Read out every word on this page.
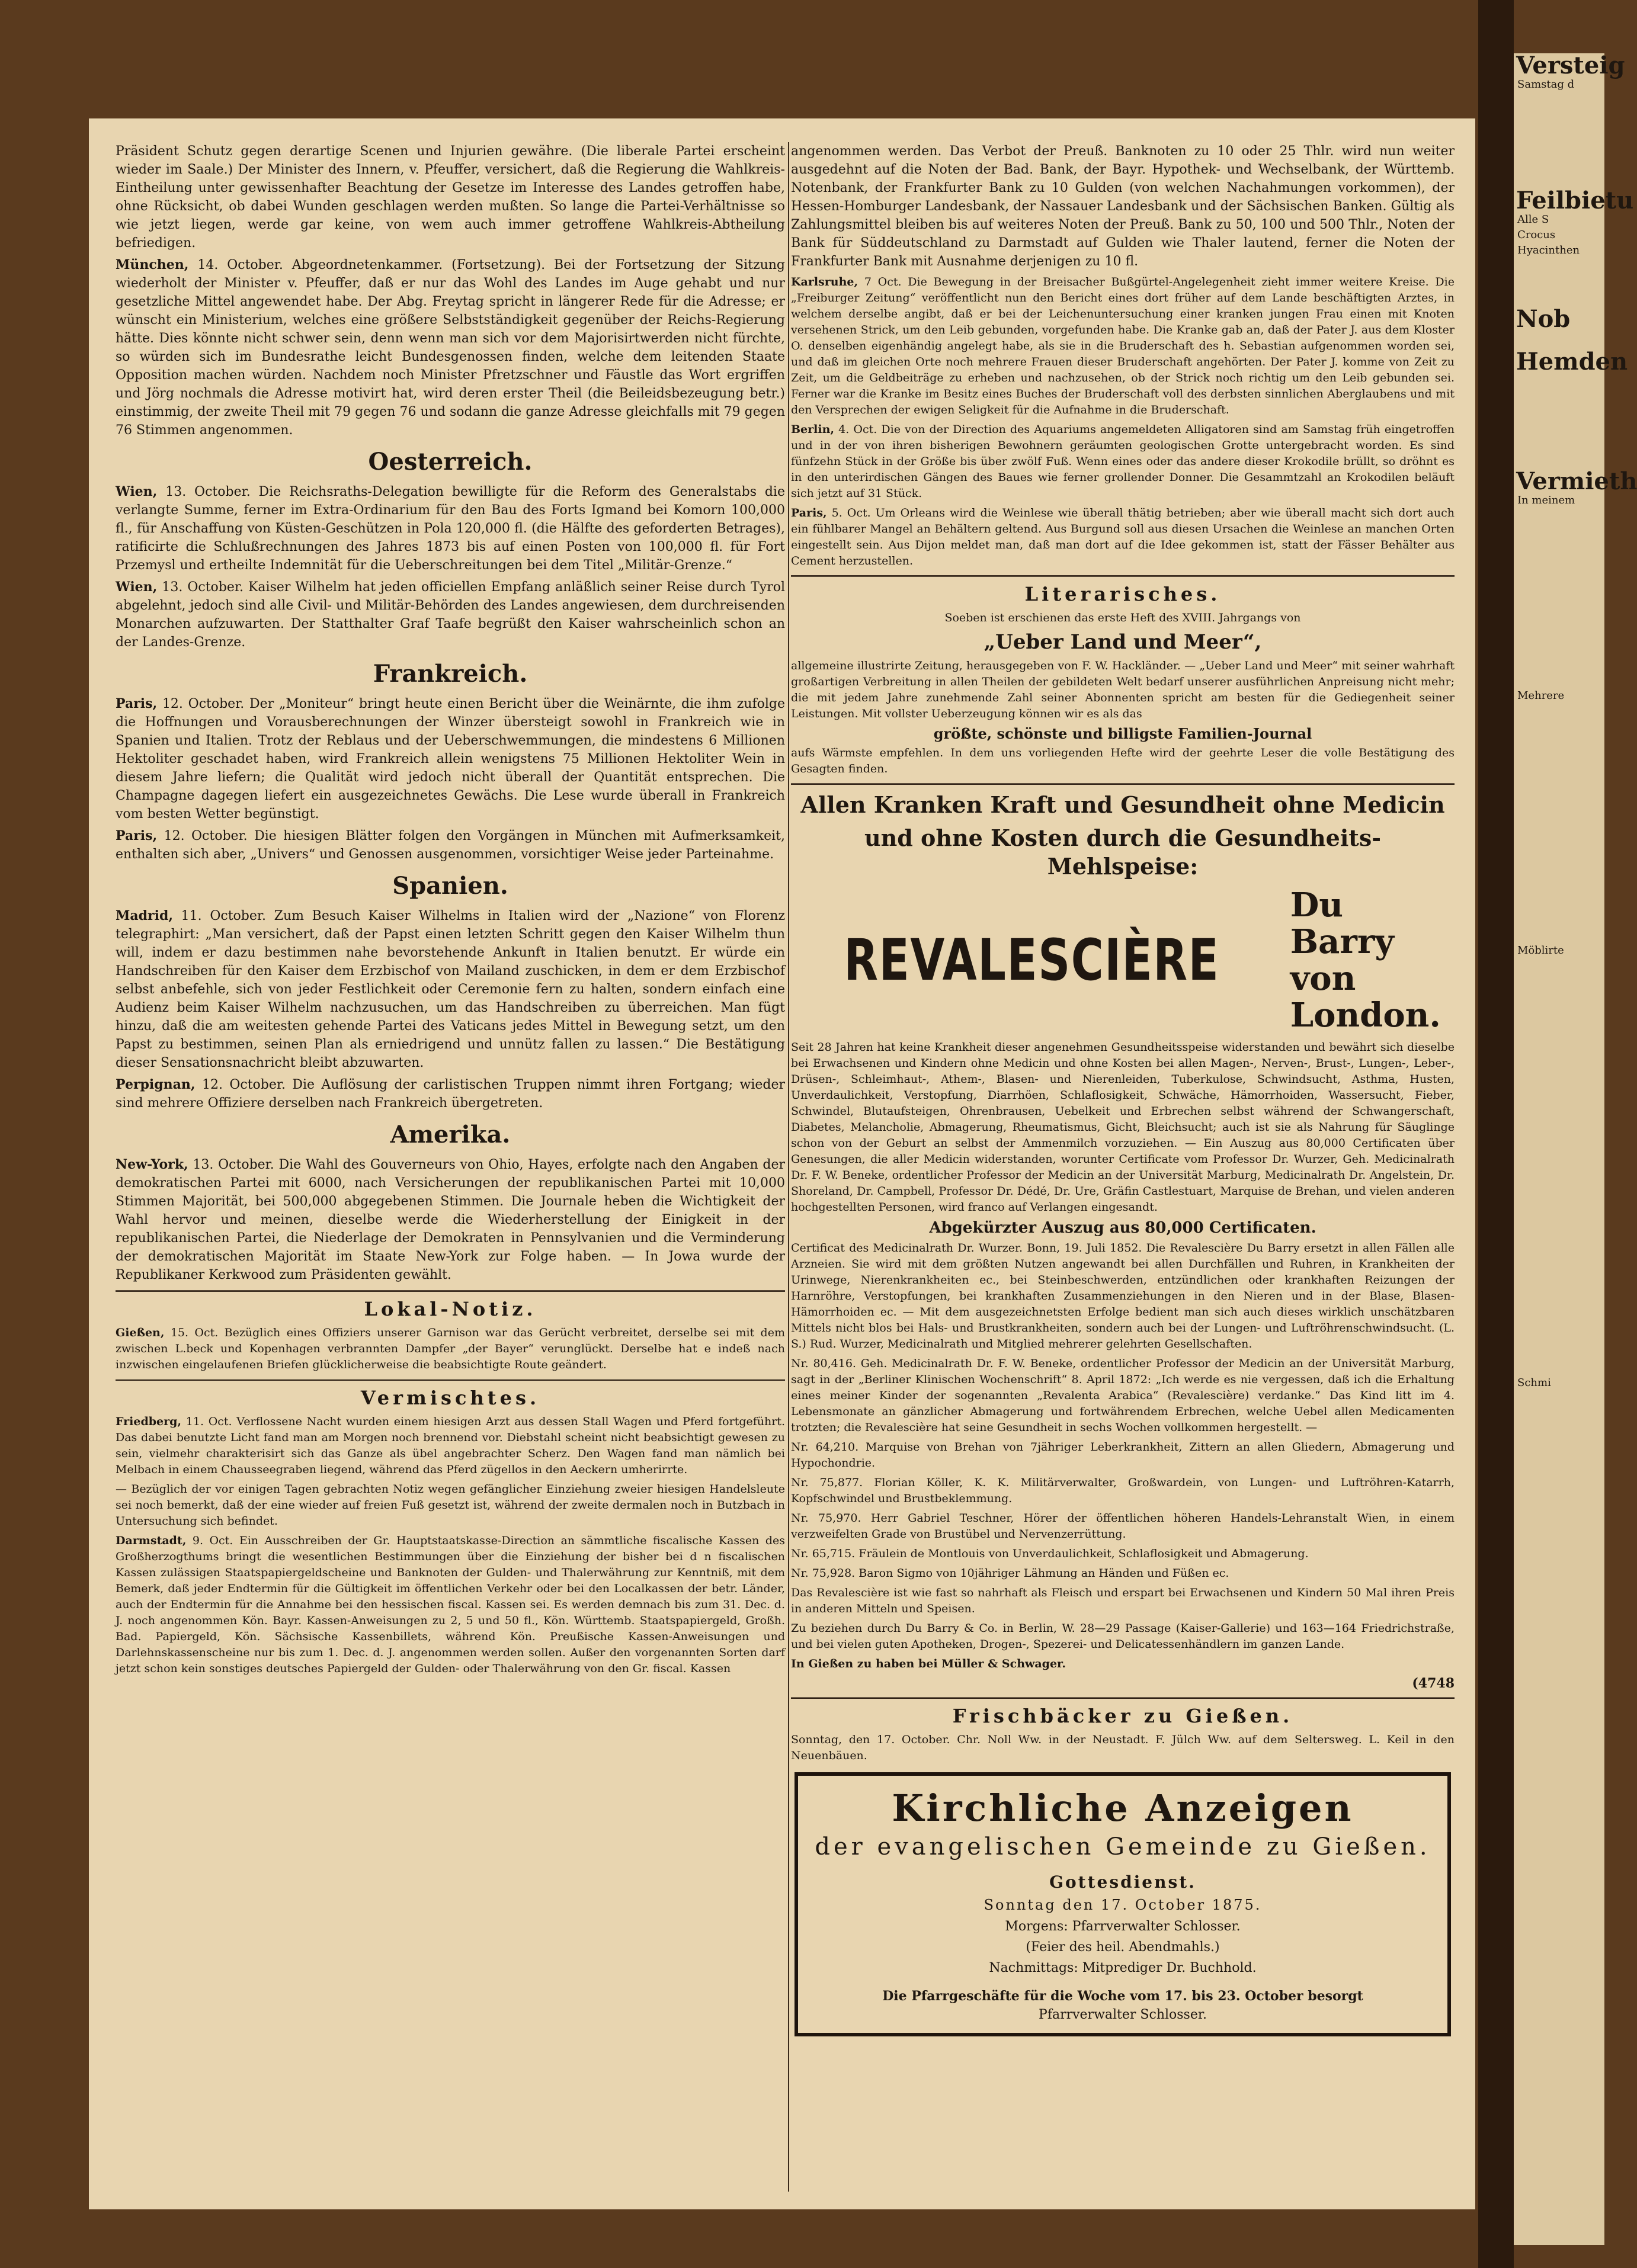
Versteig
Samstag d
Feilbietu
Alle S
Crocus
Hyacinthen
Nob
Hemden
Vermieth
In meinem
Mehrere
Möblirte
Schmi

Präsident Schutz gegen derartige Scenen und Injurien gewähre. (Die liberale Partei erscheint wieder im Saale.) Der Minister des Innern, v. Pfeuffer, versichert, daß die Regierung die Wahlkreis-Eintheilung unter gewissenhafter Beachtung der Gesetze im Interesse des Landes getroffen habe, ohne Rücksicht, ob dabei Wunden geschlagen werden mußten. So lange die Partei-Verhältnisse so wie jetzt liegen, werde gar keine, von wem auch immer getroffene Wahlkreis-Abtheilung befriedigen.

München, 14. October. Abgeordnetenkammer. (Fortsetzung). Bei der Fortsetzung der Sitzung wiederholt der Minister v. Pfeuffer, daß er nur das Wohl des Landes im Auge gehabt und nur gesetzliche Mittel angewendet habe. Der Abg. Freytag spricht in längerer Rede für die Adresse; er wünscht ein Ministerium, welches eine größere Selbstständigkeit gegenüber der Reichs-Regierung hätte. Dies könnte nicht schwer sein, denn wenn man sich vor dem Majorisirtwerden nicht fürchte, so würden sich im Bundesrathe leicht Bundesgenossen finden, welche dem leitenden Staate Opposition machen würden. Nachdem noch Minister Pfretzschner und Fäustle das Wort ergriffen und Jörg nochmals die Adresse motivirt hat, wird deren erster Theil (die Beileidsbezeugung betr.) einstimmig, der zweite Theil mit 79 gegen 76 und sodann die ganze Adresse gleichfalls mit 79 gegen 76 Stimmen angenommen.

Oesterreich.

Wien, 13. October. Die Reichsraths-Delegation bewilligte für die Reform des Generalstabs die verlangte Summe, ferner im Extra-Ordinarium für den Bau des Forts Igmand bei Komorn 100,000 fl., für Anschaffung von Küsten-Geschützen in Pola 120,000 fl. (die Hälfte des geforderten Betrages), ratificirte die Schlußrechnungen des Jahres 1873 bis auf einen Posten von 100,000 fl. für Fort Przemysl und ertheilte Indemnität für die Ueberschreitungen bei dem Titel „Militär-Grenze.“

Wien, 13. October. Kaiser Wilhelm hat jeden officiellen Empfang anläßlich seiner Reise durch Tyrol abgelehnt, jedoch sind alle Civil- und Militär-Behörden des Landes angewiesen, dem durchreisenden Monarchen aufzuwarten. Der Statthalter Graf Taafe begrüßt den Kaiser wahrscheinlich schon an der Landes-Grenze.

Frankreich.

Paris, 12. October. Der „Moniteur“ bringt heute einen Bericht über die Weinärnte, die ihm zufolge die Hoffnungen und Vorausberechnungen der Winzer übersteigt sowohl in Frankreich wie in Spanien und Italien. Trotz der Reblaus und der Ueberschwemmungen, die mindestens 6 Millionen Hektoliter geschadet haben, wird Frankreich allein wenigstens 75 Millionen Hektoliter Wein in diesem Jahre liefern; die Qualität wird jedoch nicht überall der Quantität entsprechen. Die Champagne dagegen liefert ein ausgezeichnetes Gewächs. Die Lese wurde überall in Frankreich vom besten Wetter begünstigt.

Paris, 12. October. Die hiesigen Blätter folgen den Vorgängen in München mit Aufmerksamkeit, enthalten sich aber, „Univers“ und Genossen ausgenommen, vorsichtiger Weise jeder Parteinahme.

Spanien.

Madrid, 11. October. Zum Besuch Kaiser Wilhelms in Italien wird der „Nazione“ von Florenz telegraphirt: „Man versichert, daß der Papst einen letzten Schritt gegen den Kaiser Wilhelm thun will, indem er dazu bestimmen nahe bevorstehende Ankunft in Italien benutzt. Er würde ein Handschreiben für den Kaiser dem Erzbischof von Mailand zuschicken, in dem er dem Erzbischof selbst anbefehle, sich von jeder Festlichkeit oder Ceremonie fern zu halten, sondern einfach eine Audienz beim Kaiser Wilhelm nachzusuchen, um das Handschreiben zu überreichen. Man fügt hinzu, daß die am weitesten gehende Partei des Vaticans jedes Mittel in Bewegung setzt, um den Papst zu bestimmen, seinen Plan als erniedrigend und unnütz fallen zu lassen.“ Die Bestätigung dieser Sensationsnachricht bleibt abzuwarten.

Perpignan, 12. October. Die Auflösung der carlistischen Truppen nimmt ihren Fortgang; wieder sind mehrere Offiziere derselben nach Frankreich übergetreten.

Amerika.

New-York, 13. October. Die Wahl des Gouverneurs von Ohio, Hayes, erfolgte nach den Angaben der demokratischen Partei mit 6000, nach Versicherungen der republikanischen Partei mit 10,000 Stimmen Majorität, bei 500,000 abgegebenen Stimmen. Die Journale heben die Wichtigkeit der Wahl hervor und meinen, dieselbe werde die Wiederherstellung der Einigkeit in der republikanischen Partei, die Niederlage der Demokraten in Pennsylvanien und die Verminderung der demokratischen Majorität im Staate New-York zur Folge haben. — In Jowa wurde der Republikaner Kerkwood zum Präsidenten gewählt.

Lokal-Notiz.

Gießen, 15. Oct. Bezüglich eines Offiziers unserer Garnison war das Gerücht verbreitet, derselbe sei mit dem zwischen L.beck und Kopenhagen verbrannten Dampfer „der Bayer“ verunglückt. Derselbe hat e indeß nach inzwischen eingelaufenen Briefen glücklicherweise die beabsichtigte Route geändert.

Vermischtes.

Friedberg, 11. Oct. Verflossene Nacht wurden einem hiesigen Arzt aus dessen Stall Wagen und Pferd fortgeführt. Das dabei benutzte Licht fand man am Morgen noch brennend vor. Diebstahl scheint nicht beabsichtigt gewesen zu sein, vielmehr charakterisirt sich das Ganze als übel angebrachter Scherz. Den Wagen fand man nämlich bei Melbach in einem Chausseegraben liegend, während das Pferd zügellos in den Aeckern umherirrte.

— Bezüglich der vor einigen Tagen gebrachten Notiz wegen gefänglicher Einziehung zweier hiesigen Handelsleute sei noch bemerkt, daß der eine wieder auf freien Fuß gesetzt ist, während der zweite dermalen noch in Butzbach in Untersuchung sich befindet.

Darmstadt, 9. Oct. Ein Ausschreiben der Gr. Hauptstaatskasse-Direction an sämmtliche fiscalische Kassen des Großherzogthums bringt die wesentlichen Bestimmungen über die Einziehung der bisher bei d n fiscalischen Kassen zulässigen Staatspapiergeldscheine und Banknoten der Gulden- und Thalerwährung zur Kenntniß, mit dem Bemerk, daß jeder Endtermin für die Gültigkeit im öffentlichen Verkehr oder bei den Localkassen der betr. Länder, auch der Endtermin für die Annahme bei den hessischen fiscal. Kassen sei. Es werden demnach bis zum 31. Dec. d. J. noch angenommen Kön. Bayr. Kassen-Anweisungen zu 2, 5 und 50 fl., Kön. Württemb. Staatspapiergeld, Großh. Bad. Papiergeld, Kön. Sächsische Kassenbillets, während Kön. Preußische Kassen-Anweisungen und Darlehnskassenscheine nur bis zum 1. Dec. d. J. angenommen werden sollen. Außer den vorgenannten Sorten darf jetzt schon kein sonstiges deutsches Papiergeld der Gulden- oder Thalerwährung von den Gr. fiscal. Kassen

angenommen werden. Das Verbot der Preuß. Banknoten zu 10 oder 25 Thlr. wird nun weiter ausgedehnt auf die Noten der Bad. Bank, der Bayr. Hypothek- und Wechselbank, der Württemb. Notenbank, der Frankfurter Bank zu 10 Gulden (von welchen Nachahmungen vorkommen), der Hessen-Homburger Landesbank, der Nassauer Landesbank und der Sächsischen Banken. Gültig als Zahlungsmittel bleiben bis auf weiteres Noten der Preuß. Bank zu 50, 100 und 500 Thlr., Noten der Bank für Süddeutschland zu Darmstadt auf Gulden wie Thaler lautend, ferner die Noten der Frankfurter Bank mit Ausnahme derjenigen zu 10 fl.

Karlsruhe, 7 Oct. Die Bewegung in der Breisacher Bußgürtel-Angelegenheit zieht immer weitere Kreise. Die „Freiburger Zeitung“ veröffentlicht nun den Bericht eines dort früher auf dem Lande beschäftigten Arztes, in welchem derselbe angibt, daß er bei der Leichenuntersuchung einer kranken jungen Frau einen mit Knoten versehenen Strick, um den Leib gebunden, vorgefunden habe. Die Kranke gab an, daß der Pater J. aus dem Kloster O. denselben eigenhändig angelegt habe, als sie in die Bruderschaft des h. Sebastian aufgenommen worden sei, und daß im gleichen Orte noch mehrere Frauen dieser Bruderschaft angehörten. Der Pater J. komme von Zeit zu Zeit, um die Geldbeiträge zu erheben und nachzusehen, ob der Strick noch richtig um den Leib gebunden sei. Ferner war die Kranke im Besitz eines Buches der Bruderschaft voll des derbsten sinnlichen Aberglaubens und mit den Versprechen der ewigen Seligkeit für die Aufnahme in die Bruderschaft.

Berlin, 4. Oct. Die von der Direction des Aquariums angemeldeten Alligatoren sind am Samstag früh eingetroffen und in der von ihren bisherigen Bewohnern geräumten geologischen Grotte untergebracht worden. Es sind fünfzehn Stück in der Größe bis über zwölf Fuß. Wenn eines oder das andere dieser Krokodile brüllt, so dröhnt es in den unterirdischen Gängen des Baues wie ferner grollender Donner. Die Gesammtzahl an Krokodilen beläuft sich jetzt auf 31 Stück.

Paris, 5. Oct. Um Orleans wird die Weinlese wie überall thätig betrieben; aber wie überall macht sich dort auch ein fühlbarer Mangel an Behältern geltend. Aus Burgund soll aus diesen Ursachen die Weinlese an manchen Orten eingestellt sein. Aus Dijon meldet man, daß man dort auf die Idee gekommen ist, statt der Fässer Behälter aus Cement herzustellen.

Literarisches.

Soeben ist erschienen das erste Heft des XVIII. Jahrgangs von

„Ueber Land und Meer“,

allgemeine illustrirte Zeitung, herausgegeben von F. W. Hackländer. — „Ueber Land und Meer“ mit seiner wahrhaft großartigen Verbreitung in allen Theilen der gebildeten Welt bedarf unserer ausführlichen Anpreisung nicht mehr; die mit jedem Jahre zunehmende Zahl seiner Abonnenten spricht am besten für die Gediegenheit seiner Leistungen. Mit vollster Ueberzeugung können wir es als das

größte, schönste und billigste Familien-Journal

aufs Wärmste empfehlen. In dem uns vorliegenden Hefte wird der geehrte Leser die volle Bestätigung des Gesagten finden.

Allen Kranken Kraft und Gesundheit ohne Medicin
und ohne Kosten durch die Gesundheits-Mehlspeise:
REVALESCIÈRE
Du Barry
von London.

Seit 28 Jahren hat keine Krankheit dieser angenehmen Gesundheitsspeise widerstanden und bewährt sich dieselbe bei Erwachsenen und Kindern ohne Medicin und ohne Kosten bei allen Magen-, Nerven-, Brust-, Lungen-, Leber-, Drüsen-, Schleimhaut-, Athem-, Blasen- und Nierenleiden, Tuberkulose, Schwindsucht, Asthma, Husten, Unverdaulichkeit, Verstopfung, Diarrhöen, Schlaflosigkeit, Schwäche, Hämorrhoiden, Wassersucht, Fieber, Schwindel, Blutaufsteigen, Ohrenbrausen, Uebelkeit und Erbrechen selbst während der Schwangerschaft, Diabetes, Melancholie, Abmagerung, Rheumatismus, Gicht, Bleichsucht; auch ist sie als Nahrung für Säuglinge schon von der Geburt an selbst der Ammenmilch vorzuziehen. — Ein Auszug aus 80,000 Certificaten über Genesungen, die aller Medicin widerstanden, worunter Certificate vom Professor Dr. Wurzer, Geh. Medicinalrath Dr. F. W. Beneke, ordentlicher Professor der Medicin an der Universität Marburg, Medicinalrath Dr. Angelstein, Dr. Shoreland, Dr. Campbell, Professor Dr. Dédé, Dr. Ure, Gräfin Castlestuart, Marquise de Brehan, und vielen anderen hochgestellten Personen, wird franco auf Verlangen eingesandt.

Abgekürzter Auszug aus 80,000 Certificaten.

Certificat des Medicinalrath Dr. Wurzer. Bonn, 19. Juli 1852. Die Revalescière Du Barry ersetzt in allen Fällen alle Arzneien. Sie wird mit dem größten Nutzen angewandt bei allen Durchfällen und Ruhren, in Krankheiten der Urinwege, Nierenkrankheiten ec., bei Steinbeschwerden, entzündlichen oder krankhaften Reizungen der Harnröhre, Verstopfungen, bei krankhaften Zusammenziehungen in den Nieren und in der Blase, Blasen-Hämorrhoiden ec. — Mit dem ausgezeichnetsten Erfolge bedient man sich auch dieses wirklich unschätzbaren Mittels nicht blos bei Hals- und Brustkrankheiten, sondern auch bei der Lungen- und Luftröhrenschwindsucht. (L. S.) Rud. Wurzer, Medicinalrath und Mitglied mehrerer gelehrten Gesellschaften.

Nr. 80,416. Geh. Medicinalrath Dr. F. W. Beneke, ordentlicher Professor der Medicin an der Universität Marburg, sagt in der „Berliner Klinischen Wochenschrift“ 8. April 1872: „Ich werde es nie vergessen, daß ich die Erhaltung eines meiner Kinder der sogenannten „Revalenta Arabica“ (Revalescière) verdanke.“ Das Kind litt im 4. Lebensmonate an gänzlicher Abmagerung und fortwährendem Erbrechen, welche Uebel allen Medicamenten trotzten; die Revalescière hat seine Gesundheit in sechs Wochen vollkommen hergestellt. —

Nr. 64,210. Marquise von Brehan von 7jähriger Leberkrankheit, Zittern an allen Gliedern, Abmagerung und Hypochondrie.

Nr. 75,877. Florian Köller, K. K. Militärverwalter, Großwardein, von Lungen- und Luftröhren-Katarrh, Kopfschwindel und Brustbeklemmung.

Nr. 75,970. Herr Gabriel Teschner, Hörer der öffentlichen höheren Handels-Lehranstalt Wien, in einem verzweifelten Grade von Brustübel und Nervenzerrüttung.

Nr. 65,715. Fräulein de Montlouis von Unverdaulichkeit, Schlaflosigkeit und Abmagerung.

Nr. 75,928. Baron Sigmo von 10jähriger Lähmung an Händen und Füßen ec.

Das Revalescière ist wie fast so nahrhaft als Fleisch und erspart bei Erwachsenen und Kindern 50 Mal ihren Preis in anderen Mitteln und Speisen.

Zu beziehen durch Du Barry & Co. in Berlin, W. 28—29 Passage (Kaiser-Gallerie) und 163—164 Friedrichstraße, und bei vielen guten Apotheken, Drogen-, Spezerei- und Delicatessenhändlern im ganzen Lande.

In Gießen zu haben bei Müller & Schwager.

(4748
Frischbäcker zu Gießen.

Sonntag, den 17. October. Chr. Noll Ww. in der Neustadt. F. Jülch Ww. auf dem Seltersweg. L. Keil in den Neuenbäuen.

Kirchliche Anzeigen
der evangelischen Gemeinde zu Gießen.
Gottesdienst.
Sonntag den 17. October 1875.
Morgens: Pfarrverwalter Schlosser.
(Feier des heil. Abendmahls.)
Nachmittags: Mitprediger Dr. Buchhold.
Die Pfarrgeschäfte für die Woche vom 17. bis 23. October besorgt
Pfarrverwalter Schlosser.
